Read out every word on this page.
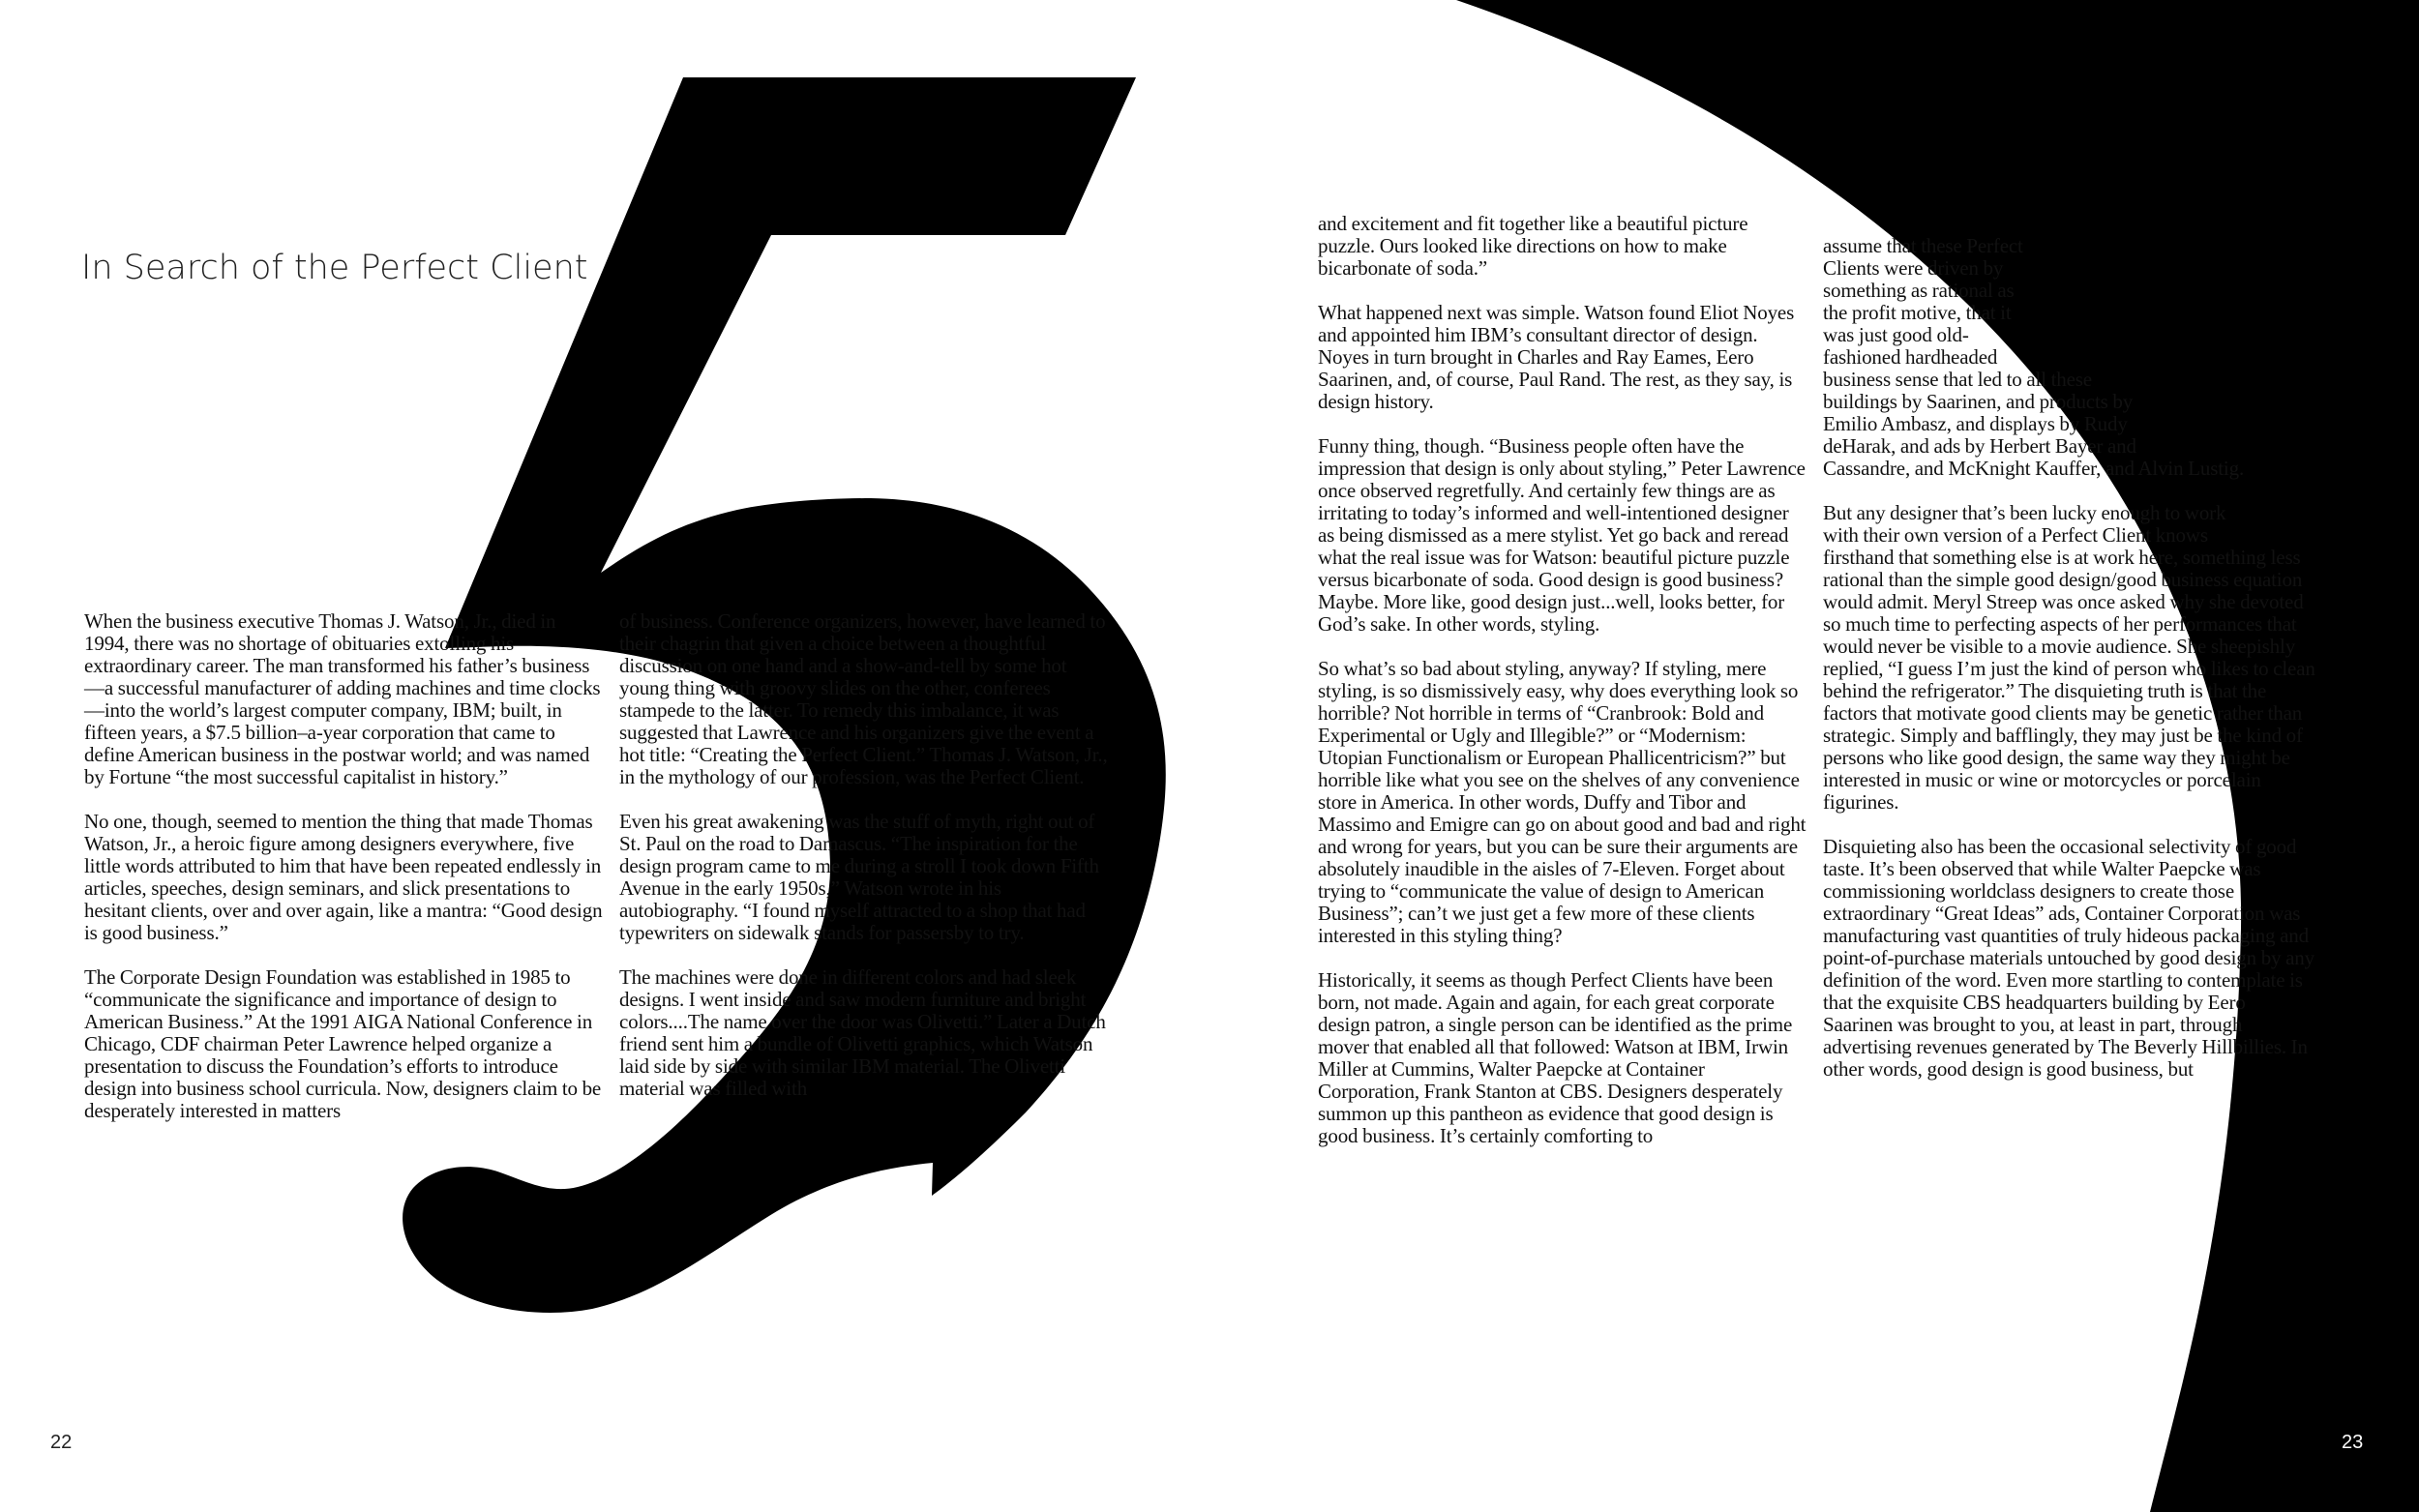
In Search of the Perfect Client

When the business executive Thomas J. Watson, Jr., died in 1994, there was no shortage of obituaries extolling his extraordinary career. The man transformed his father’s business—a successful manufacturer of adding machines and time clocks—into the world’s largest computer company, IBM; built, in fifteen years, a $7.5 billion–a-year corporation that came to define American business in the postwar world; and was named by Fortune “the most successful capitalist in history.”

No one, though, seemed to mention the thing that made Thomas Watson, Jr., a heroic figure among designers everywhere, five little words attributed to him that have been repeated endlessly in articles, speeches, design seminars, and slick presentations to hesitant clients, over and over again, like a mantra: “Good design is good business.”

The Corporate Design Foundation was established in 1985 to “communicate the significance and importance of design to American Business.” At the 1991 AIGA National Conference in Chicago, CDF chairman Peter Lawrence helped organize a presentation to discuss the Foundation’s efforts to introduce design into business school curricula. Now, designers claim to be desperately interested in matters

of business. Conference organizers, however, have learned to their chagrin that given a choice between a thoughtful discussion on one hand and a show-and-tell by some hot young thing with groovy slides on the other, conferees stampede to the latter. To remedy this imbalance, it was suggested that Lawrence and his organizers give the event a hot title: “Creating the Perfect Client.” Thomas J. Watson, Jr., in the mythology of our profession, was the Perfect Client.

Even his great awakening was the stuff of myth, right out of St. Paul on the road to Damascus. “The inspiration for the design program came to me during a stroll I took down Fifth Avenue in the early 1950s,” Watson wrote in his autobiography. “I found myself attracted to a shop that had typewriters on sidewalk stands for passersby to try.

The machines were done in different colors and had sleek designs. I went inside and saw modern furniture and bright colors....The name over the door was Olivetti.” Later a Dutch friend sent him a bundle of Olivetti graphics, which Watson laid side by side with similar IBM material. The Olivetti material was filled with

and excitement and fit together like a beautiful picture puzzle. Ours looked like directions on how to make bicarbonate of soda.”

What happened next was simple. Watson found Eliot Noyes and appointed him IBM’s consultant director of design. Noyes in turn brought in Charles and Ray Eames, Eero Saarinen, and, of course, Paul Rand. The rest, as they say, is design history.

Funny thing, though. “Business people often have the impression that design is only about styling,” Peter Lawrence once observed regretfully. And certainly few things are as irritating to today’s informed and well-intentioned designer as being dismissed as a mere stylist. Yet go back and reread what the real issue was for Watson: beautiful picture puzzle versus bicarbonate of soda. Good design is good business? Maybe. More like, good design just...well, looks better, for God’s sake. In other words, styling.

So what’s so bad about styling, anyway? If styling, mere styling, is so dismissively easy, why does everything look so horrible? Not horrible in terms of “Cranbrook: Bold and Experimental or Ugly and Illegible?” or “Modernism: Utopian Functionalism or European Phallicentricism?” but horrible like what you see on the shelves of any convenience store in America. In other words, Duffy and Tibor and Massimo and Emigre can go on about good and bad and right and wrong for years, but you can be sure their arguments are absolutely inaudible in the aisles of 7-Eleven. Forget about trying to “communicate the value of design to American Business”; can’t we just get a few more of these clients interested in this styling thing?

Historically, it seems as though Perfect Clients have been born, not made. Again and again, for each great corporate design patron, a single person can be identified as the prime mover that enabled all that followed: Watson at IBM, Irwin Miller at Cummins, Walter Paepcke at Container Corporation, Frank Stanton at CBS. Designers desperately summon up this pantheon as evidence that good design is good business. It’s certainly comforting to

assume that these Perfect Clients were driven by something as rational as the profit motive, that it was just good old-fashioned hardheaded business sense that led to all these buildings by Saarinen, and products by Emilio Ambasz, and displays by Rudy deHarak, and ads by Herbert Bayer and Cassandre, and McKnight Kauffer, and Alvin Lustig.

But any designer that’s been lucky enough to work with their own version of a Perfect Client knows firsthand that something else is at work here, something less rational than the simple good design/good business equation would admit. Meryl Streep was once asked why she devoted so much time to perfecting aspects of her performances that would never be visible to a movie audience. She sheepishly replied, “I guess I’m just the kind of person who likes to clean behind the refrigerator.” The disquieting truth is that the factors that motivate good clients may be genetic rather than strategic. Simply and bafflingly, they may just be the kind of persons who like good design, the same way they might be interested in music or wine or motorcycles or porcelain figurines.

Disquieting also has been the occasional selectivity of good taste. It’s been observed that while Walter Paepcke was commissioning worldclass designers to create those extraordinary “Great Ideas” ads, Container Corporation was manufacturing vast quantities of truly hideous packaging and point-of-purchase materials untouched by good design by any definition of the word. Even more startling to contemplate is that the exquisite CBS headquarters building by Eero Saarinen was brought to you, at least in part, through advertising revenues generated by The Beverly Hillbillies. In other words, good design is good business, but

22	23
